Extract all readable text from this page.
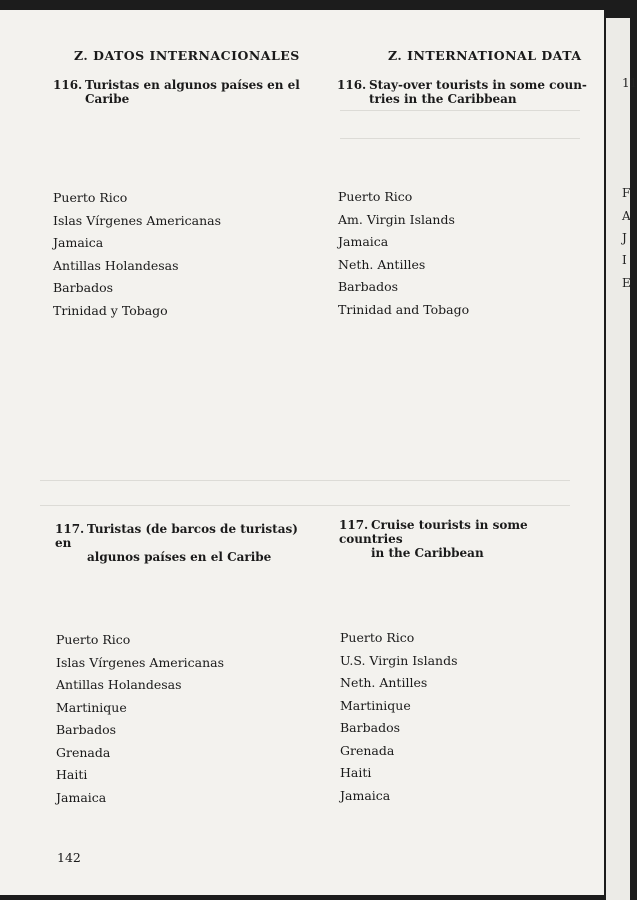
Z. DATOS INTERNACIONALES	Z. INTERNATIONAL DATA
116. Turistas en algunos países en el
Caribe
116. Stay-over tourists in some coun-
tries in the Caribbean
Puerto Rico
Islas Vírgenes Americanas
Jamaica
Antillas Holandesas
Barbados
Trinidad y Tobago
Puerto Rico
Am. Virgin Islands
Jamaica
Neth. Antilles
Barbados
Trinidad and Tobago
117. Turistas (de barcos de turistas) en
algunos países en el Caribe
117. Cruise tourists in some countries
in the Caribbean
Puerto Rico
Islas Vírgenes Americanas
Antillas Holandesas
Martinique
Barbados
Grenada
Haiti
Jamaica
Puerto Rico
U.S. Virgin Islands
Neth. Antilles
Martinique
Barbados
Grenada
Haiti
Jamaica
142
11
F
A
J
I
E
